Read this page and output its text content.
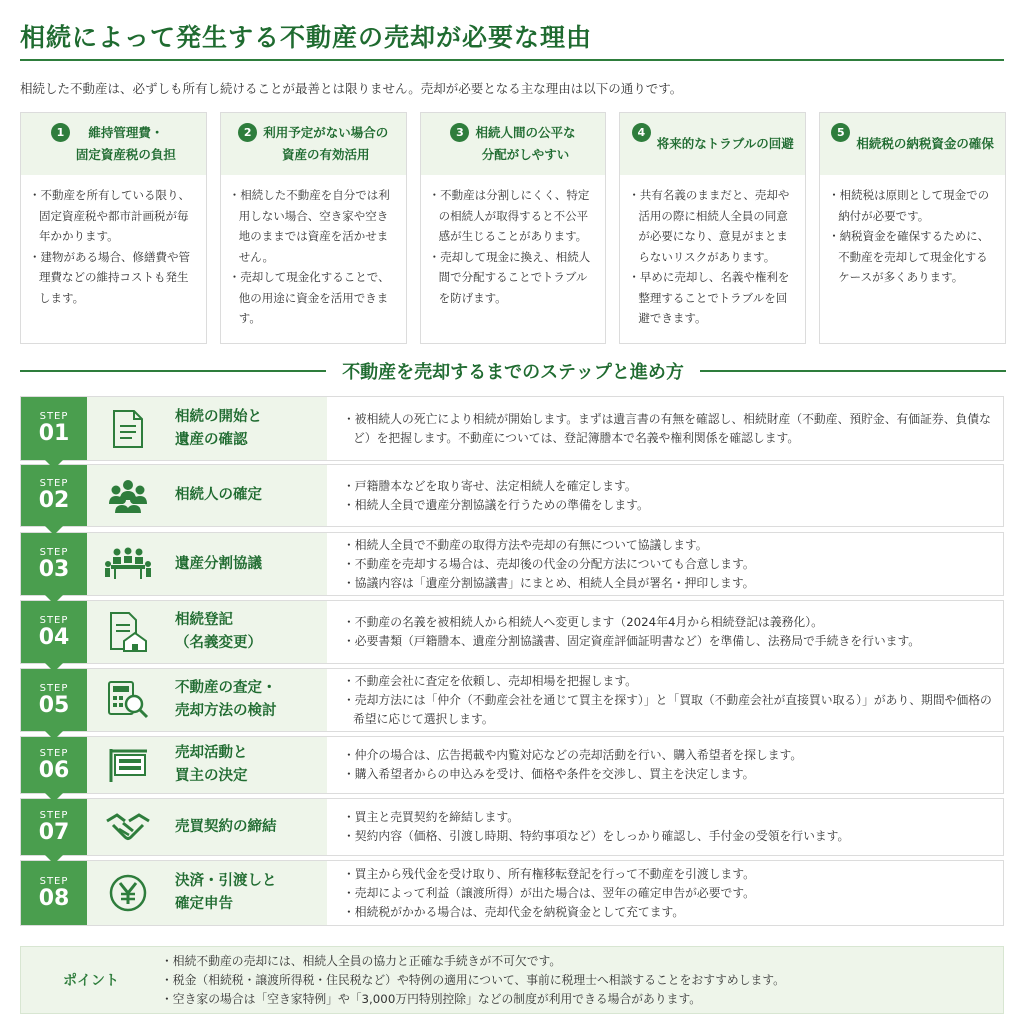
相続によって発生する不動産の売却が必要な理由

相続した不動産は、必ずしも所有し続けることが最善とは限りません。売却が必要となる主な理由は以下の通りです。

1	維持管理費・
固定資産税の負担

・不動産を所有している限り、固定資産税や都市計画税が毎年かかります。

・建物がある場合、修繕費や管理費などの維持コストも発生します。

2 利用予定がない場合の
資産の有効活用

・相続した不動産を自分では利用しない場合、空き家や空き地のままでは資産を活かせません。

・売却して現金化することで、他の用途に資金を活用できます。

3 相続人間の公平な
分配がしやすい

・不動産は分割しにくく、特定の相続人が取得すると不公平感が生じることがあります。

・売却して現金に換え、相続人間で分配することでトラブルを防げます。

4
将来的なトラブルの回避

・共有名義のままだと、売却や活用の際に相続人全員の同意が必要になり、意見がまとまらないリスクがあります。

・早めに売却し、名義や権利を整理することでトラブルを回避できます。

5
相続税の納税資金の確保

・相続税は原則として現金での納付が必要です。

・納税資金を確保するために、不動産を売却して現金化するケースが多くあります。

不動産を売却するまでのステップと進め方
STEP
01
相続の開始と
遺産の確認

・被相続人の死亡により相続が開始します。まずは遺言書の有無を確認し、相続財産（不動産、預貯金、有価証券、負債など）を把握します。不動産については、登記簿謄本で名義や権利関係を確認します。

STEP
02	相続人の確定

・戸籍謄本などを取り寄せ、法定相続人を確定します。

・相続人全員で遺産分割協議を行うための準備をします。

STEP
03	遺産分割協議

・相続人全員で不動産の取得方法や売却の有無について協議します。

・不動産を売却する場合は、売却後の代金の分配方法についても合意します。

・協議内容は「遺産分割協議書」にまとめ、相続人全員が署名・押印します。

STEP
04
相続登記
（名義変更）

・不動産の名義を被相続人から相続人へ変更します（2024年4月から相続登記は義務化）。

・必要書類（戸籍謄本、遺産分割協議書、固定資産評価証明書など）を準備し、法務局で手続きを行います。

STEP
05
不動産の査定・
売却方法の検討

・不動産会社に査定を依頼し、売却相場を把握します。

・売却方法には「仲介（不動産会社を通じて買主を探す）」と「買取（不動産会社が直接買い取る）」があり、期間や価格の希望に応じて選択します。

STEP
06
売却活動と
買主の決定

・仲介の場合は、広告掲載や内覧対応などの売却活動を行い、購入希望者を探します。

・購入希望者からの申込みを受け、価格や条件を交渉し、買主を決定します。

STEP
07	売買契約の締結

・買主と売買契約を締結します。

・契約内容（価格、引渡し時期、特約事項など）をしっかり確認し、手付金の受領を行います。

STEP
08
決済・引渡しと
確定申告

・買主から残代金を受け取り、所有権移転登記を行って不動産を引渡します。

・売却によって利益（譲渡所得）が出た場合は、翌年の確定申告が必要です。

・相続税がかかる場合は、売却代金を納税資金として充てます。

ポイント

・相続不動産の売却には、相続人全員の協力と正確な手続きが不可欠です。

・税金（相続税・譲渡所得税・住民税など）や特例の適用について、事前に税理士へ相談することをおすすめします。

・空き家の場合は「空き家特例」や「3,000万円特別控除」などの制度が利用できる場合があります。
